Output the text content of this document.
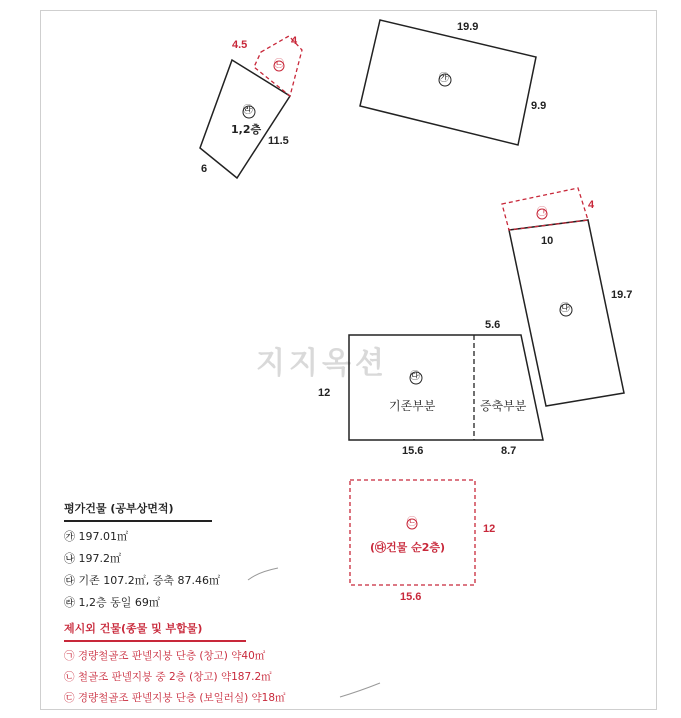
지지옥션
19.9
9.9
1,2층
11.5
6
4.5	4
10
19.7
4
12
5.6
15.6	8.7
기존부분	증축부분
(㉰건물 순2층)
12
15.6
평가건물 (공부상면적)
㉮ 197.01㎡
㉯ 197.2㎡
㉰ 기존 107.2㎡, 증축 87.46㎡
㉱ 1,2층 동일 69㎡
제시외 건물(종물 및 부합물)
㉠ 경량철골조 판넬지붕 단층 (창고) 약40㎡
㉡ 철골조 판넬지붕 중 2층 (창고) 약187.2㎡
㉢ 경량철골조 판넬지붕 단층 (보일러실) 약18㎡
㉮
㉱
㉢
㉯
㉠
㉰
㉡
